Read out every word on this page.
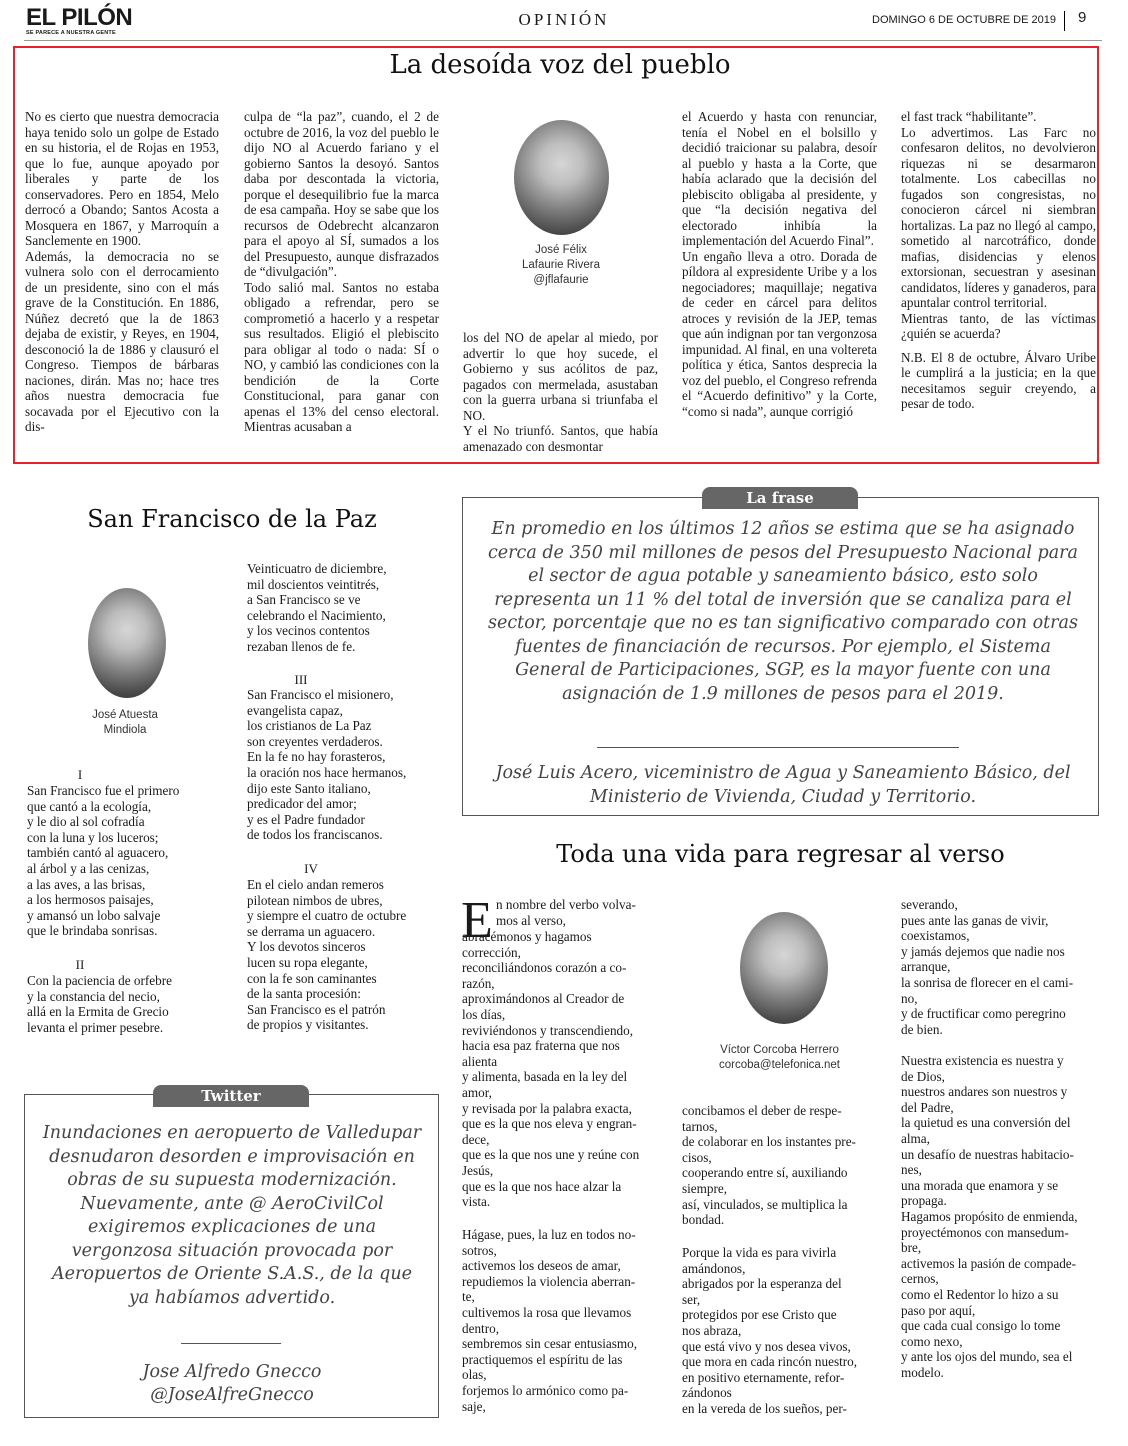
EL PILÓN
SE PARECE A NUESTRA GENTE
OPINIÓN	DOMINGO 6 DE OCTUBRE DE 2019 9
La desoída voz del pueblo

No es cierto que nuestra democracia haya tenido solo un golpe de Estado en su historia, el de Rojas en 1953, que lo fue, aunque apoyado por liberales y parte de los conservadores. Pero en 1854, Melo derrocó a Obando; Santos Acosta a Mosquera en 1867, y Marroquín a Sanclemente en 1900.

Además, la democracia no se vulnera solo con el derrocamiento de un presidente, sino con el más grave de la Constitución. En 1886, Núñez decretó que la de 1863 dejaba de existir, y Reyes, en 1904, desconoció la de 1886 y clausuró el Congreso. Tiempos de bárbaras naciones, dirán. Mas no; hace tres años nuestra democracia fue socavada por el Ejecutivo con la dis-

culpa de “la paz”, cuando, el 2 de octubre de 2016, la voz del pueblo le dijo NO al Acuerdo fariano y el gobierno Santos la desoyó. Santos daba por descontada la victoria, porque el desequilibrio fue la marca de esa campaña. Hoy se sabe que los recursos de Odebrecht alcanzaron para el apoyo al SÍ, sumados a los del Presupuesto, aunque disfrazados de “divulgación”.

Todo salió mal. Santos no estaba obligado a refrendar, pero se comprometió a hacerlo y a respetar sus resultados. Eligió el plebiscito para obligar al todo o nada: SÍ o NO, y cambió las condiciones con la bendición de la Corte Constitucional, para ganar con apenas el 13% del censo electoral. Mientras acusaban a

José Félix
Lafaurie Rivera
@jflafaurie

los del NO de apelar al miedo, por advertir lo que hoy sucede, el Gobierno y sus acólitos de paz, pagados con mermelada, asustaban con la guerra urbana si triunfaba el NO.

Y el No triunfó. Santos, que había amenazado con desmontar

el Acuerdo y hasta con renunciar, tenía el Nobel en el bolsillo y decidió traicionar su palabra, desoír al pueblo y hasta a la Corte, que había aclarado que la decisión del plebiscito obligaba al presidente, y que “la decisión negativa del electorado inhibía la implementación del Acuerdo Final”.

Un engaño lleva a otro. Dorada de píldora al expresidente Uribe y a los negociadores; maquillaje; negativa de ceder en cárcel para delitos atroces y revisión de la JEP, temas que aún indignan por tan vergonzosa impunidad. Al final, en una voltereta política y ética, Santos desprecia la voz del pueblo, el Congreso refrenda el “Acuerdo definitivo” y la Corte, “como si nada”, aunque corrigió

el fast track “habilitante”.

Lo advertimos. Las Farc no confesaron delitos, no devolvieron riquezas ni se desarmaron totalmente. Los cabecillas no fugados son congresistas, no conocieron cárcel ni siembran hortalizas. La paz no llegó al campo, sometido al narcotráfico, donde mafias, disidencias y elenos extorsionan, secuestran y asesinan candidatos, líderes y ganaderos, para apuntalar control territorial.

Mientras tanto, de las víctimas ¿quién se acuerda?

N.B. El 8 de octubre, Álvaro Uribe le cumplirá a la justicia; en la que necesitamos seguir creyendo, a pesar de todo.

San Francisco de la Paz
José Atuesta
Mindiola
Veinticuatro de diciembre,
mil doscientos veintitrés,
a San Francisco se ve
celebrando el Nacimiento,
y los vecinos contentos
rezaban llenos de fe.
I
San Francisco fue el primero
que cantó a la ecología,
y le dio al sol cofradía
con la luna y los luceros;
también cantó al aguacero,
al árbol y a las cenizas,
a las aves, a las brisas,
a los hermosos paisajes,
y amansó un lobo salvaje
que le brindaba sonrisas.
II
Con la paciencia de orfebre
y la constancia del necio,
allá en la Ermita de Grecio
levanta el primer pesebre.
III
San Francisco el misionero,
evangelista capaz,
los cristianos de La Paz
son creyentes verdaderos.
En la fe no hay forasteros,
la oración nos hace hermanos,
dijo este Santo italiano,
predicador del amor;
y es el Padre fundador
de todos los franciscanos.
IV
En el cielo andan remeros
pilotean nimbos de ubres,
y siempre el cuatro de octubre
se derrama un aguacero.
Y los devotos sinceros
lucen su ropa elegante,
con la fe son caminantes
de la santa procesión:
San Francisco es el patrón
de propios y visitantes.
La frase
En promedio en los últimos 12 años se estima que se ha asignado cerca de 350 mil millones de pesos del Presupuesto Nacional para el sector de agua potable y saneamiento básico, esto solo representa un 11 % del total de inversión que se canaliza para el sector, porcentaje que no es tan significativo comparado con otras fuentes de financiación de recursos. Por ejemplo, el Sistema General de Participaciones, SGP, es la mayor fuente con una asignación de 1.9 millones de pesos para el 2019.
José Luis Acero, viceministro de Agua y Saneamiento Básico, del Ministerio de Vivienda, Ciudad y Territorio.
Twitter
Inundaciones en aeropuerto de Valledupar desnudaron desorden e improvisación en obras de su supuesta modernización. Nuevamente, ante @ AeroCivilCol exigiremos explicaciones de una vergonzosa situación provocada por Aeropuertos de Oriente S.A.S., de la que ya habíamos advertido.
Jose Alfredo Gnecco
@JoseAlfreGnecco
Toda una vida para regresar al verso
E n nombre del verbo volva-
mos al verso,
abracémonos y hagamos
corrección,
reconciliándonos corazón a co-
razón,
aproximándonos al Creador de
los días,
reviviéndonos y transcendiendo,
hacia esa paz fraterna que nos
alienta
y alimenta, basada en la ley del
amor,
y revisada por la palabra exacta,
que es la que nos eleva y engran-
dece,
que es la que nos une y reúne con
Jesús,
que es la que nos hace alzar la
vista.
Hágase, pues, la luz en todos no-
sotros,
activemos los deseos de amar,
repudiemos la violencia aberran-
te,
cultivemos la rosa que llevamos
dentro,
sembremos sin cesar entusiasmo,
practiquemos el espíritu de las
olas,
forjemos lo armónico como pa-
saje,
Víctor Corcoba Herrero
corcoba@telefonica.net
concibamos el deber de respe-
tarnos,
de colaborar en los instantes pre-
cisos,
cooperando entre sí, auxiliando
siempre,
así, vinculados, se multiplica la
bondad.
Porque la vida es para vivirla
amándonos,
abrigados por la esperanza del
ser,
protegidos por ese Cristo que
nos abraza,
que está vivo y nos desea vivos,
que mora en cada rincón nuestro,
en positivo eternamente, refor-
zándonos
en la vereda de los sueños, per-
severando,
pues ante las ganas de vivir,
coexistamos,
y jamás dejemos que nadie nos
arranque,
la sonrisa de florecer en el cami-
no,
y de fructificar como peregrino
de bien.
Nuestra existencia es nuestra y
de Dios,
nuestros andares son nuestros y
del Padre,
la quietud es una conversión del
alma,
un desafío de nuestras habitacio-
nes,
una morada que enamora y se
propaga.
Hagamos propósito de enmienda,
proyectémonos con mansedum-
bre,
activemos la pasión de compade-
cernos,
como el Redentor lo hizo a su
paso por aquí,
que cada cual consigo lo tome
como nexo,
y ante los ojos del mundo, sea el
modelo.
